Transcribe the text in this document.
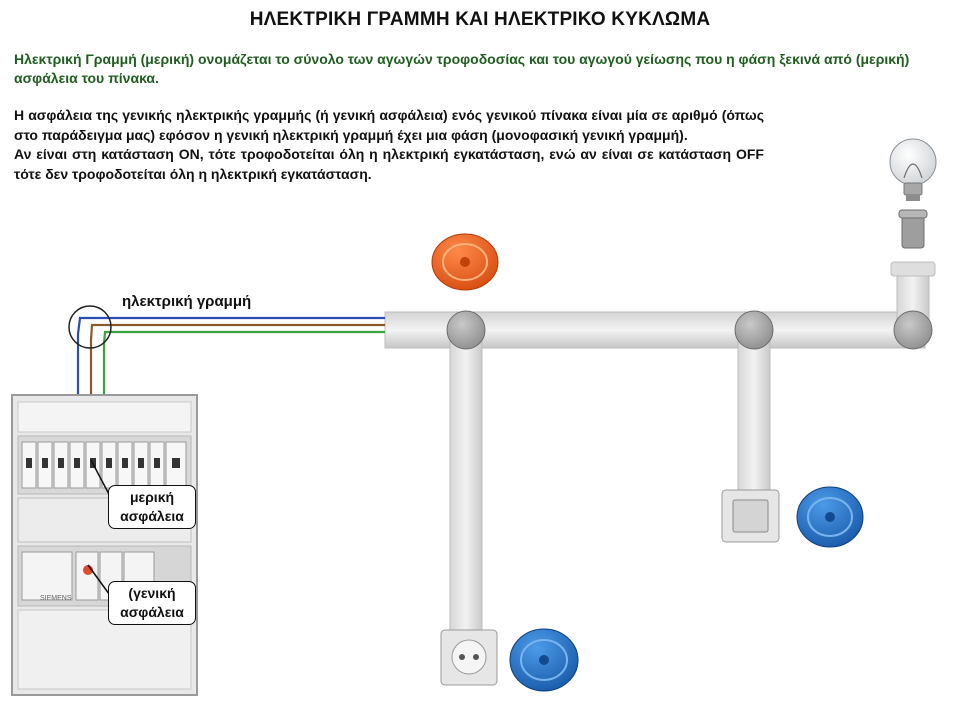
ΗΛΕΚΤΡΙΚΗ ΓΡΑΜΜΗ ΚΑΙ ΗΛΕΚΤΡΙΚΟ ΚΥΚΛΩΜΑ
Ηλεκτρική Γραμμή (μερική) ονομάζεται το σύνολο των αγωγών τροφοδοσίας και του αγωγού γείωσης που η φάση ξεκινά από (μερική) ασφάλεια του πίνακα.

Η ασφάλεια της γενικής ηλεκτρικής γραμμής (ή γενική ασφάλεια) ενός γενικού πίνακα είναι μία σε αριθμό (όπως στο παράδειγμα μας) εφόσον η γενική ηλεκτρική γραμμή έχει μια φάση (μονοφασική γενική γραμμή).

Αν είναι στη κατάσταση ON, τότε τροφοδοτείται όλη η ηλεκτρική εγκατάσταση, ενώ αν είναι σε κατάσταση OFF τότε δεν τροφοδοτείται όλη η ηλεκτρική εγκατάσταση.

SIEMENS
ηλεκτρική γραμμή
μερική ασφάλεια
(γενική ασφάλεια
